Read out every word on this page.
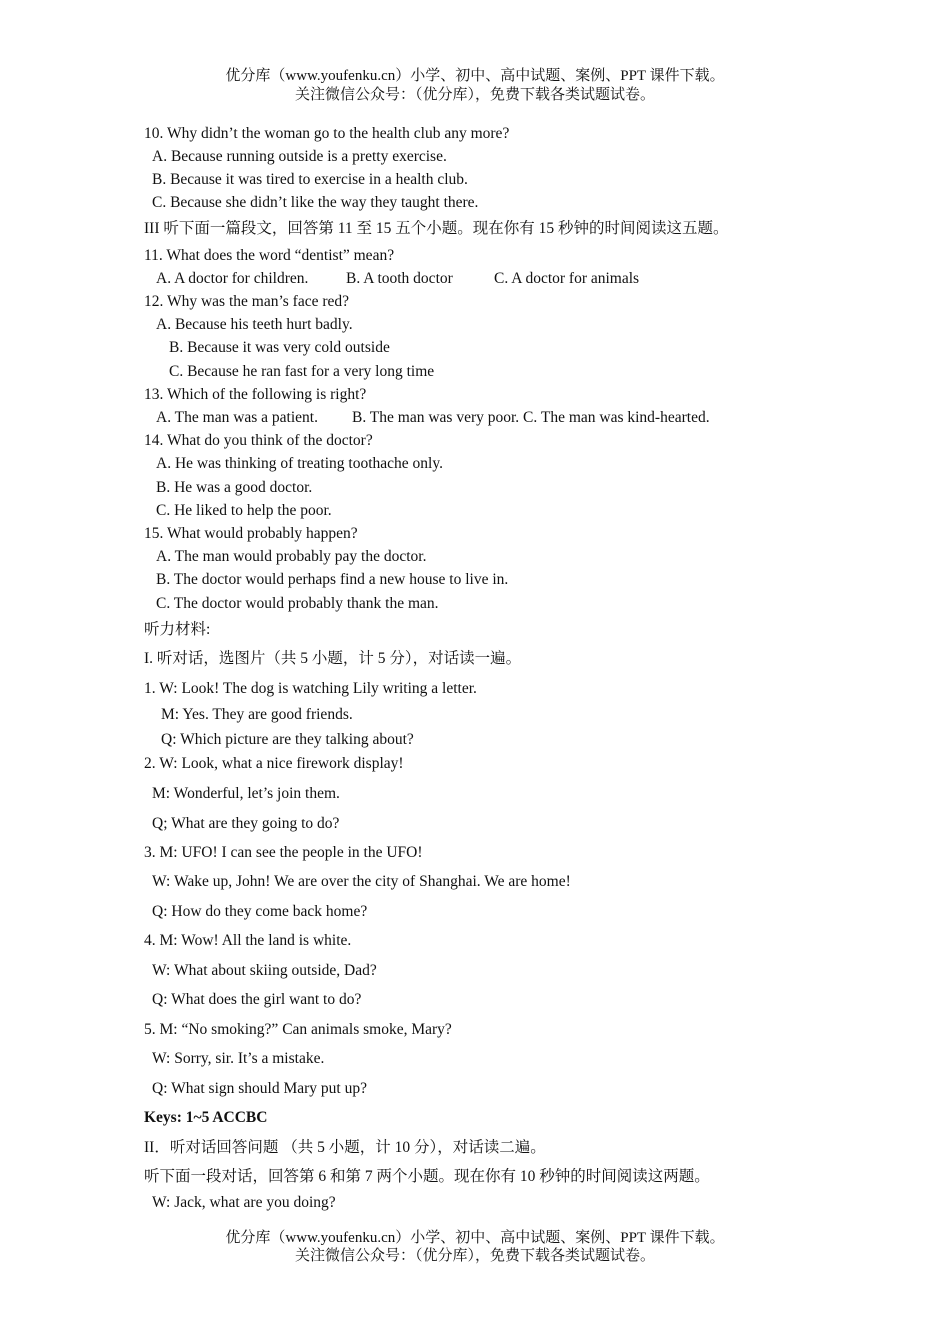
优分库（www.youfenku.cn）小学、初中、高中试题、案例、PPT 课件下载。
关注微信公众号：（优分库），免费下载各类试题试卷。
10. Why didn’t the woman go to the health club any more?
A. Because running outside is a pretty exercise.
B. Because it was tired to exercise in a health club.
C. Because she didn’t like the way they taught there.
III 听下面一篇段文，回答第 11 至 15 五个小题。现在你有 15 秒钟的时间阅读这五题。
11. What does the word “dentist” mean?
A. A doctor for children. B. A tooth doctor	C. A doctor for animals
12. Why was the man’s face red?
A. Because his teeth hurt badly.
B. Because it was very cold outside
C. Because he ran fast for a very long time
13. Which of the following is right?
A. The man was a patient. B. The man was very poor. C. The man was kind-hearted.
14. What do you think of the doctor?
A. He was thinking of treating toothache only.
B. He was a good doctor.
C. He liked to help the poor.
15. What would probably happen?
A. The man would probably pay the doctor.
B. The doctor would perhaps find a new house to live in.
C. The doctor would probably thank the man.
听力材料:
I. 听对话，选图片（共 5 小题，计 5 分），对话读一遍。
1. W: Look! The dog is watching Lily writing a letter.
M: Yes. They are good friends.
Q: Which picture are they talking about?
2. W: Look, what a nice firework display!
M: Wonderful, let’s join them.
Q; What are they going to do?
3. M: UFO! I can see the people in the UFO!
W: Wake up, John! We are over the city of Shanghai. We are home!
Q: How do they come back home?
4. M: Wow! All the land is white.
W: What about skiing outside, Dad?
Q: What does the girl want to do?
5. M: “No smoking?” Can animals smoke, Mary?
W: Sorry, sir. It’s a mistake.
Q: What sign should Mary put up?
Keys: 1~5 ACCBC
II．听对话回答问题 （共 5 小题，计 10 分），对话读二遍。
听下面一段对话，回答第 6 和第 7 两个小题。现在你有 10 秒钟的时间阅读这两题。
W: Jack, what are you doing?
优分库（www.youfenku.cn）小学、初中、高中试题、案例、PPT 课件下载。
关注微信公众号：（优分库），免费下载各类试题试卷。
